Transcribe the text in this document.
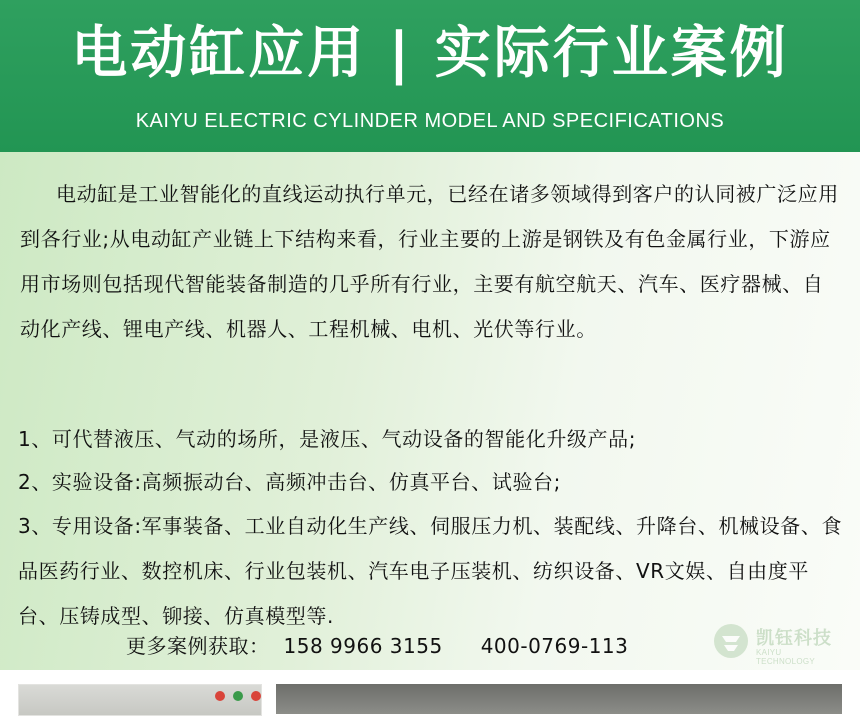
电动缸应用 | 实际行业案例
KAIYU ELECTRIC CYLINDER MODEL AND SPECIFICATIONS

电动缸是工业智能化的直线运动执行单元，已经在诸多领域得到客户的认同被广泛应用到各行业;从电动缸产业链上下结构来看，行业主要的上游是钢铁及有色金属行业，下游应用市场则包括现代智能装备制造的几乎所有行业，主要有航空航天、汽车、医疗器械、自动化产线、锂电产线、机器人、工程机械、电机、光伏等行业。

1、可代替液压、气动的场所，是液压、气动设备的智能化升级产品;

2、实验设备:高频振动台、高频冲击台、仿真平台、试验台;

3、专用设备:军事装备、工业自动化生产线、伺服压力机、装配线、升降台、机械设备、食品医药行业、数控机床、行业包装机、汽车电子压装机、纺织设备、VR文娱、自由度平台、压铸成型、铆接、仿真模型等.

更多案例获取： 158 9966 3155 400-0769-113	凯钰科技
KAIYU TECHNOLOGY
